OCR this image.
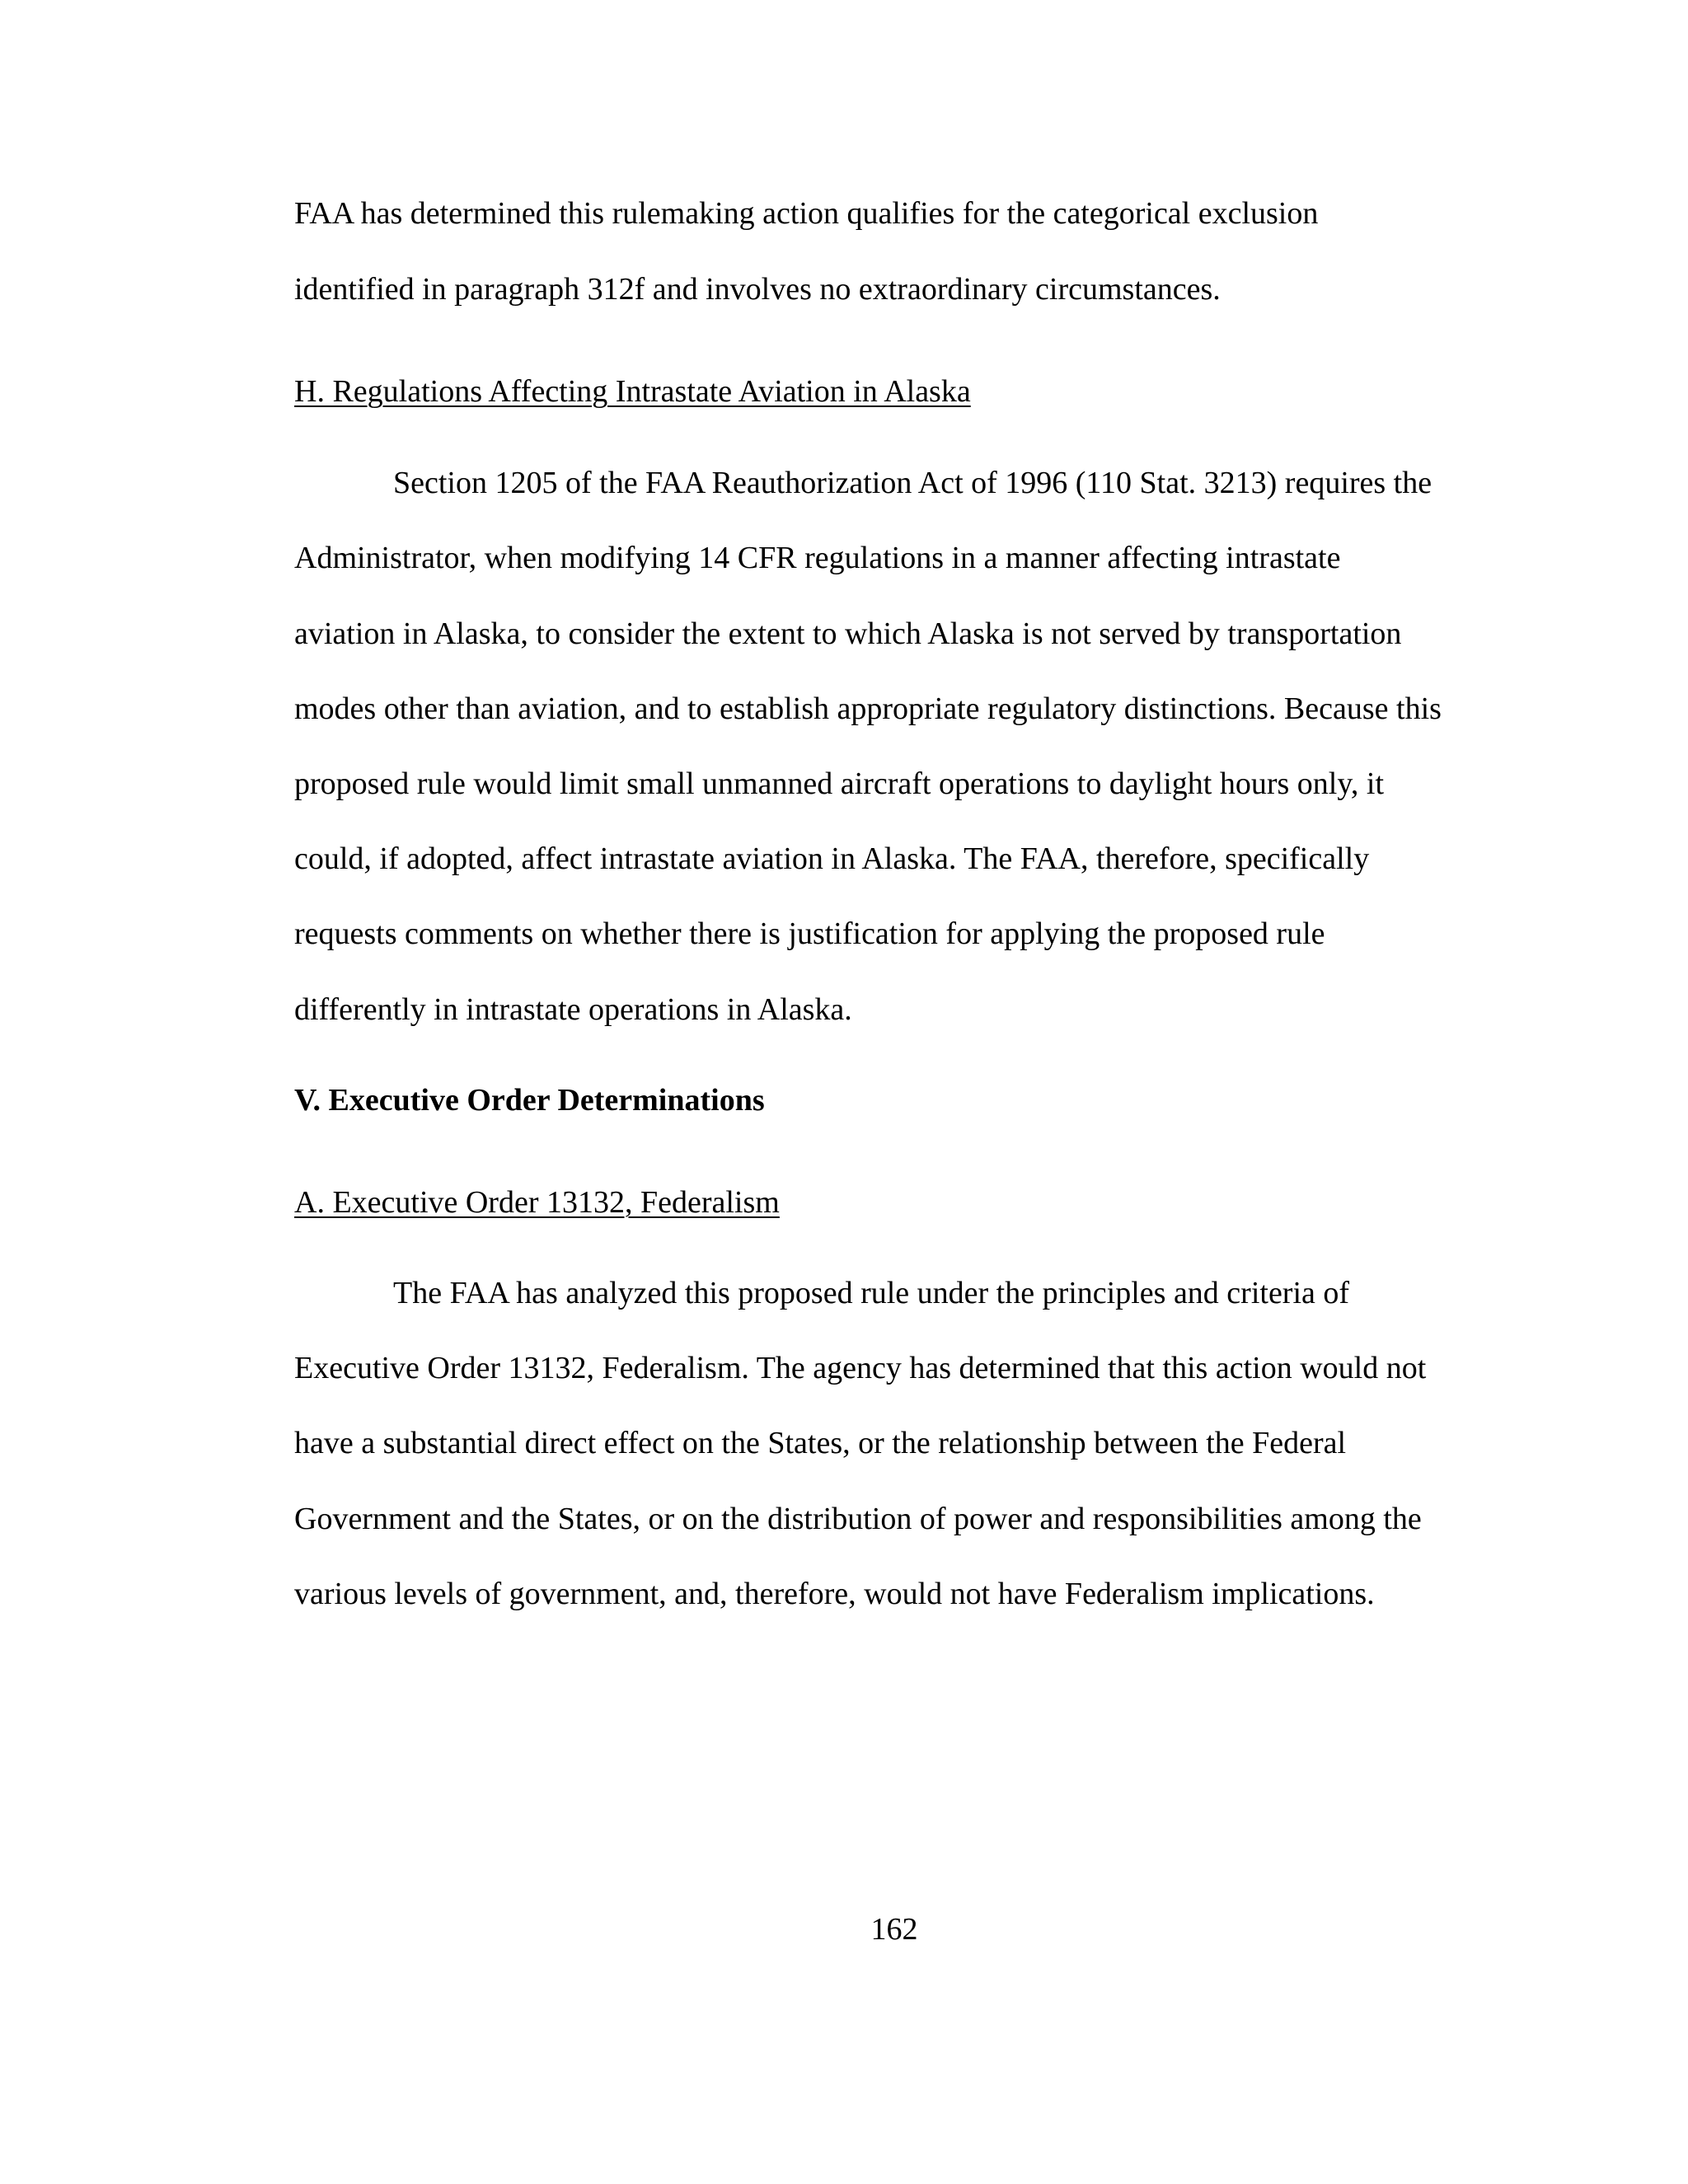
FAA has determined this rulemaking action qualifies for the categorical exclusion

identified in paragraph 312f and involves no extraordinary circumstances.

H. Regulations Affecting Intrastate Aviation in Alaska

Section 1205 of the FAA Reauthorization Act of 1996 (110 Stat. 3213) requires the

Administrator, when modifying 14 CFR regulations in a manner affecting intrastate

aviation in Alaska, to consider the extent to which Alaska is not served by transportation

modes other than aviation, and to establish appropriate regulatory distinctions. Because this

proposed rule would limit small unmanned aircraft operations to daylight hours only, it

could, if adopted, affect intrastate aviation in Alaska. The FAA, therefore, specifically

requests comments on whether there is justification for applying the proposed rule

differently in intrastate operations in Alaska.

V. Executive Order Determinations

A. Executive Order 13132, Federalism

The FAA has analyzed this proposed rule under the principles and criteria of

Executive Order 13132, Federalism. The agency has determined that this action would not

have a substantial direct effect on the States, or the relationship between the Federal

Government and the States, or on the distribution of power and responsibilities among the

various levels of government, and, therefore, would not have Federalism implications.

162
